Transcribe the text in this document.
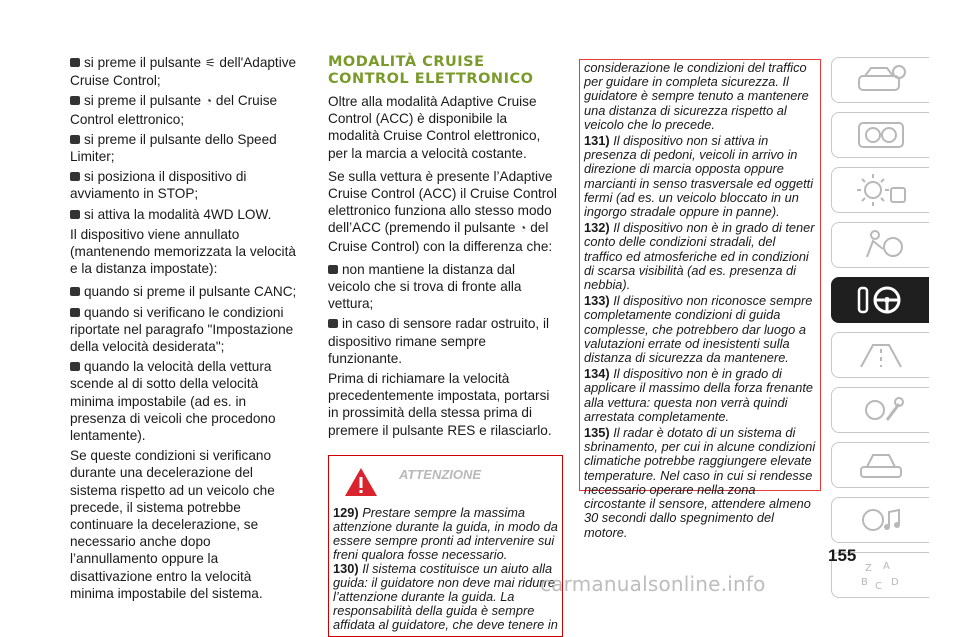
si preme il pulsante ⚟ dell'Adaptive Cruise Control;
si preme il pulsante ◔ del Cruise Control elettronico;
si preme il pulsante dello Speed Limiter;
si posiziona il dispositivo di avviamento in STOP;
si attiva la modalità 4WD LOW.

Il dispositivo viene annullato (mantenendo memorizzata la velocità e la distanza impostate):

quando si preme il pulsante CANC;
quando si verificano le condizioni riportate nel paragrafo "Impostazione della velocità desiderata";
quando la velocità della vettura scende al di sotto della velocità minima impostabile (ad es. in presenza di veicoli che procedono lentamente).

Se queste condizioni si verificano durante una decelerazione del sistema rispetto ad un veicolo che precede, il sistema potrebbe continuare la decelerazione, se necessario anche dopo l’annullamento oppure la disattivazione entro la velocità minima impostabile del sistema.

MODALITÀ CRUISE CONTROL ELETTRONICO

Oltre alla modalità Adaptive Cruise Control (ACC) è disponibile la modalità Cruise Control elettronico, per la marcia a velocità costante.

Se sulla vettura è presente l’Adaptive Cruise Control (ACC) il Cruise Control elettronico funziona allo stesso modo dell’ACC (premendo il pulsante ◔ del Cruise Control) con la differenza che:

non mantiene la distanza dal veicolo che si trova di fronte alla vettura;
in caso di sensore radar ostruito, il dispositivo rimane sempre funzionante.

Prima di richiamare la velocità precedentemente impostata, portarsi in prossimità della stessa prima di premere il pulsante RES e rilasciarlo.

ATTENZIONE

129) Prestare sempre la massima attenzione durante la guida, in modo da essere sempre pronti ad intervenire sui freni qualora fosse necessario.

130) Il sistema costituisce un aiuto alla guida: il guidatore non deve mai ridurre l’attenzione durante la guida. La responsabilità della guida è sempre affidata al guidatore, che deve tenere in

considerazione le condizioni del traffico per guidare in completa sicurezza. Il guidatore è sempre tenuto a mantenere una distanza di sicurezza rispetto al veicolo che lo precede.

131) Il dispositivo non si attiva in presenza di pedoni, veicoli in arrivo in direzione di marcia opposta oppure marcianti in senso trasversale ed oggetti fermi (ad es. un veicolo bloccato in un ingorgo stradale oppure in panne).

132) Il dispositivo non è in grado di tener conto delle condizioni stradali, del traffico ed atmosferiche ed in condizioni di scarsa visibilità (ad es. presenza di nebbia).

133) Il dispositivo non riconosce sempre completamente condizioni di guida complesse, che potrebbero dar luogo a valutazioni errate od inesistenti sulla distanza di sicurezza da mantenere.

134) Il dispositivo non è in grado di applicare il massimo della forza frenante alla vettura: questa non verrà quindi arrestata completamente.

135) Il radar è dotato di un sistema di sbrinamento, per cui in alcune condizioni climatiche potrebbe raggiungere elevate temperature. Nel caso in cui si rendesse necessario operare nella zona circostante il sensore, attendere almeno 30 secondi dallo spegnimento del motore.

Z A
B C D
155
carmanualsonline.info
